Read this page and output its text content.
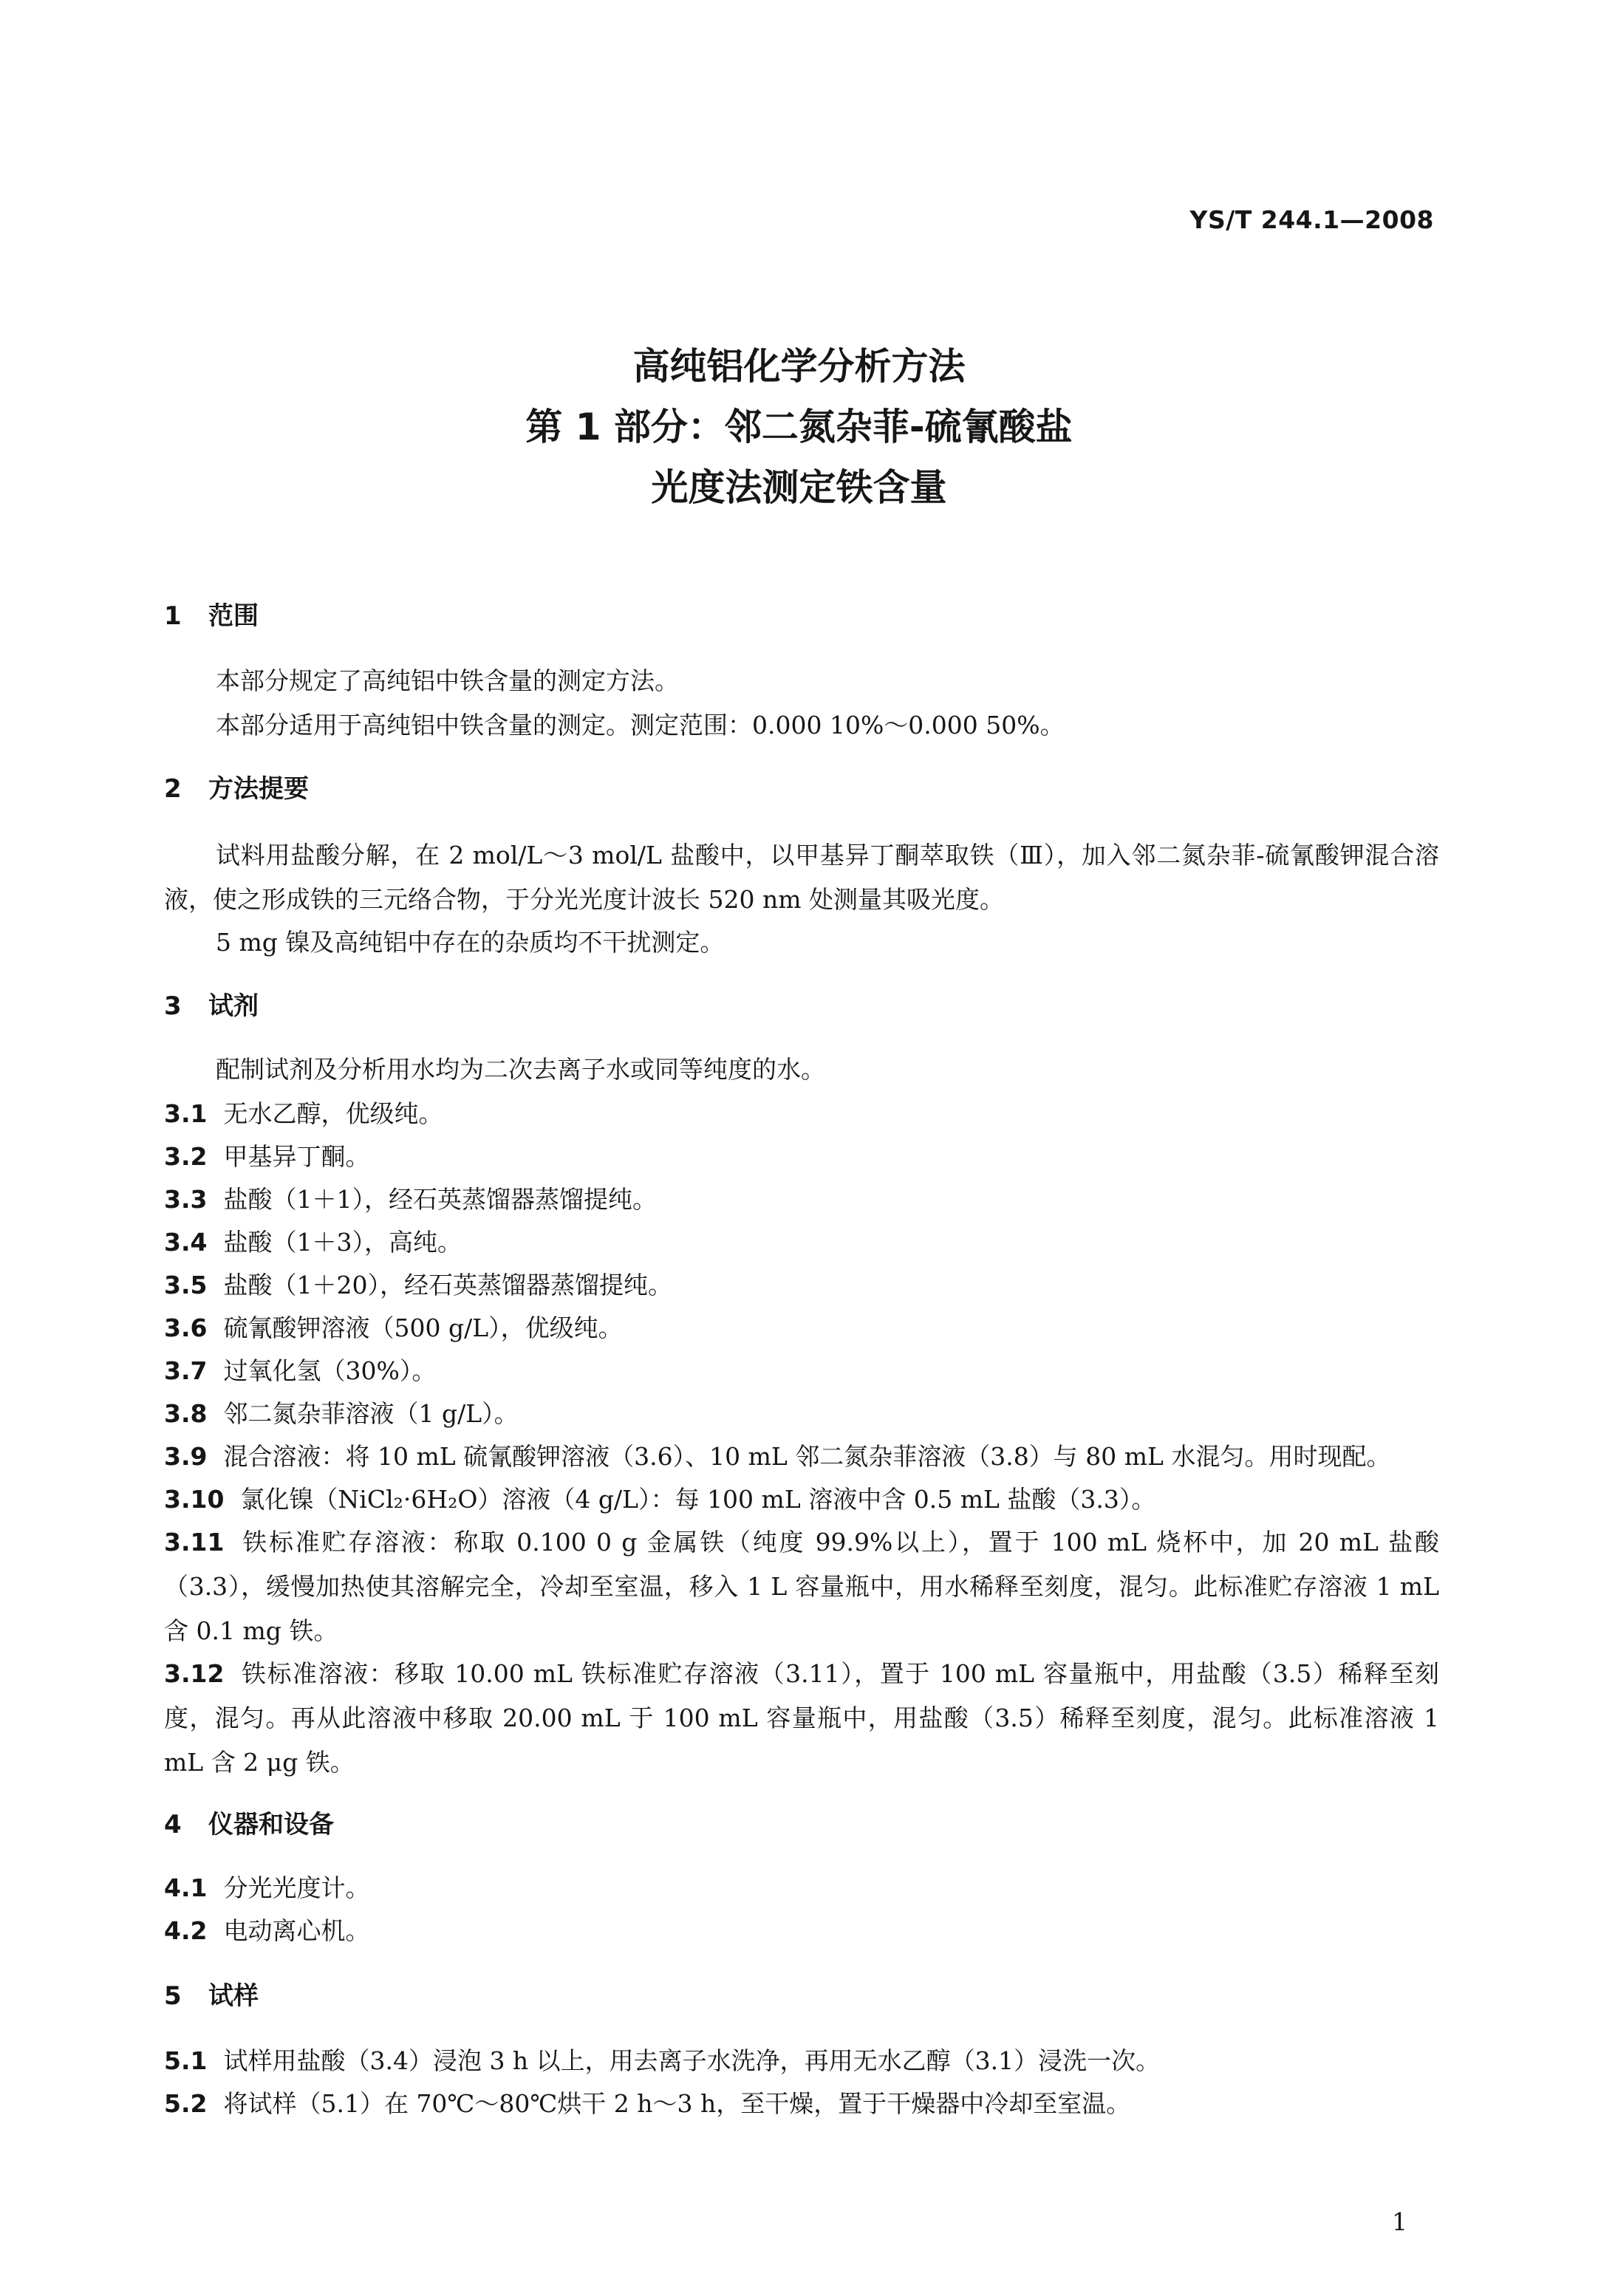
YS/T 244.1—2008
高纯铝化学分析方法
第 1 部分：邻二氮杂菲-硫氰酸盐
光度法测定铁含量
1 范围
本部分规定了高纯铝中铁含量的测定方法。
本部分适用于高纯铝中铁含量的测定。测定范围：0.000 10%～0.000 50%。
2 方法提要
试料用盐酸分解，在 2 mol/L～3 mol/L 盐酸中，以甲基异丁酮萃取铁（Ⅲ），加入邻二氮杂菲-硫氰酸钾混合溶液，使之形成铁的三元络合物，于分光光度计波长 520 nm 处测量其吸光度。
5 mg 镍及高纯铝中存在的杂质均不干扰测定。
3 试剂
配制试剂及分析用水均为二次去离子水或同等纯度的水。
3.1 无水乙醇，优级纯。
3.2 甲基异丁酮。
3.3 盐酸（1＋1），经石英蒸馏器蒸馏提纯。
3.4 盐酸（1＋3），高纯。
3.5 盐酸（1＋20），经石英蒸馏器蒸馏提纯。
3.6 硫氰酸钾溶液（500 g/L），优级纯。
3.7 过氧化氢（30%）。
3.8 邻二氮杂菲溶液（1 g/L）。
3.9 混合溶液：将 10 mL 硫氰酸钾溶液（3.6）、10 mL 邻二氮杂菲溶液（3.8）与 80 mL 水混匀。用时现配。
3.10 氯化镍（NiCl₂·6H₂O）溶液（4 g/L）：每 100 mL 溶液中含 0.5 mL 盐酸（3.3）。
3.11 铁标准贮存溶液：称取 0.100 0 g 金属铁（纯度 99.9%以上），置于 100 mL 烧杯中，加 20 mL 盐酸（3.3），缓慢加热使其溶解完全，冷却至室温，移入 1 L 容量瓶中，用水稀释至刻度，混匀。此标准贮存溶液 1 mL 含 0.1 mg 铁。
3.12 铁标准溶液：移取 10.00 mL 铁标准贮存溶液（3.11），置于 100 mL 容量瓶中，用盐酸（3.5）稀释至刻度，混匀。再从此溶液中移取 20.00 mL 于 100 mL 容量瓶中，用盐酸（3.5）稀释至刻度，混匀。此标准溶液 1 mL 含 2 μg 铁。
4 仪器和设备
4.1 分光光度计。
4.2 电动离心机。
5 试样
5.1 试样用盐酸（3.4）浸泡 3 h 以上，用去离子水洗净，再用无水乙醇（3.1）浸洗一次。
5.2 将试样（5.1）在 70℃～80℃烘干 2 h～3 h，至干燥，置于干燥器中冷却至室温。
1
